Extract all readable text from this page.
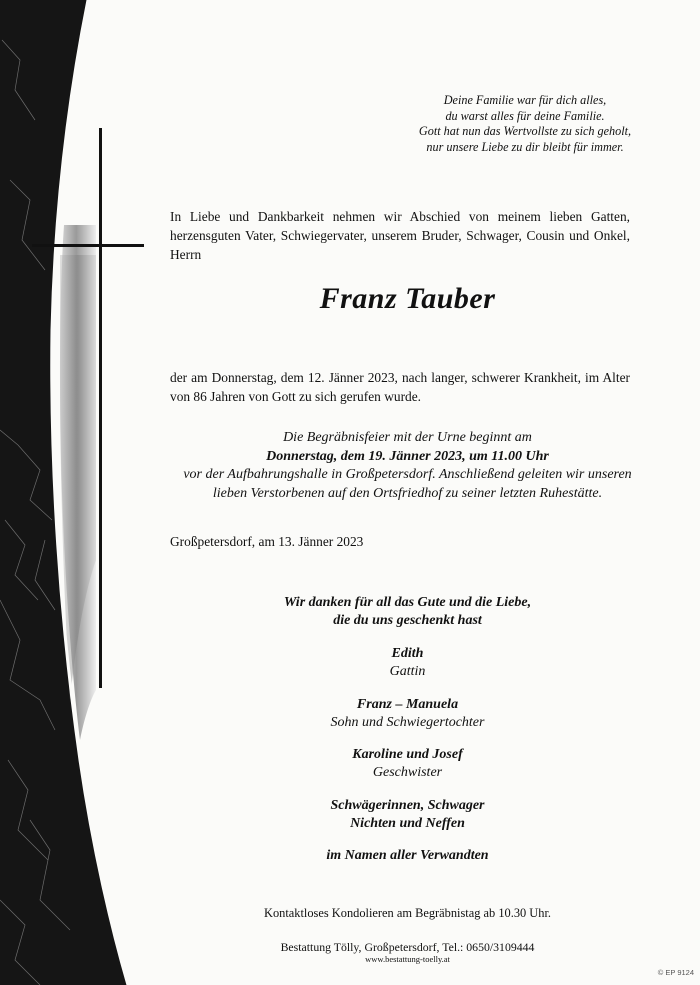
Deine Familie war für dich alles,
du warst alles für deine Familie.
Gott hat nun das Wertvollste zu sich geholt,
nur unsere Liebe zu dir bleibt für immer.
In Liebe und Dankbarkeit nehmen wir Abschied von meinem lieben Gatten, herzensguten Vater, Schwiegervater, unserem Bruder, Schwager, Cousin und Onkel, Herrn
Franz Tauber
der am Donnerstag, dem 12. Jänner 2023, nach langer, schwerer Krankheit, im Alter von 86 Jahren von Gott zu sich gerufen wurde.
Die Begräbnisfeier mit der Urne beginnt am
Donnerstag, dem 19. Jänner 2023, um 11.00 Uhr
vor der Aufbahrungshalle in Großpetersdorf. Anschließend geleiten wir unseren
lieben Verstorbenen auf den Ortsfriedhof zu seiner letzten Ruhestätte.
Großpetersdorf, am 13. Jänner 2023
Wir danken für all das Gute und die Liebe,
die du uns geschenkt hast
Edith
Gattin
Franz – Manuela
Sohn und Schwiegertochter
Karoline und Josef
Geschwister
Schwägerinnen, Schwager
Nichten und Neffen
im Namen aller Verwandten
Kontaktloses Kondolieren am Begräbnistag ab 10.30 Uhr.
Bestattung Tölly, Großpetersdorf, Tel.: 0650/3109444
www.bestattung-toelly.at
© EP 9124
